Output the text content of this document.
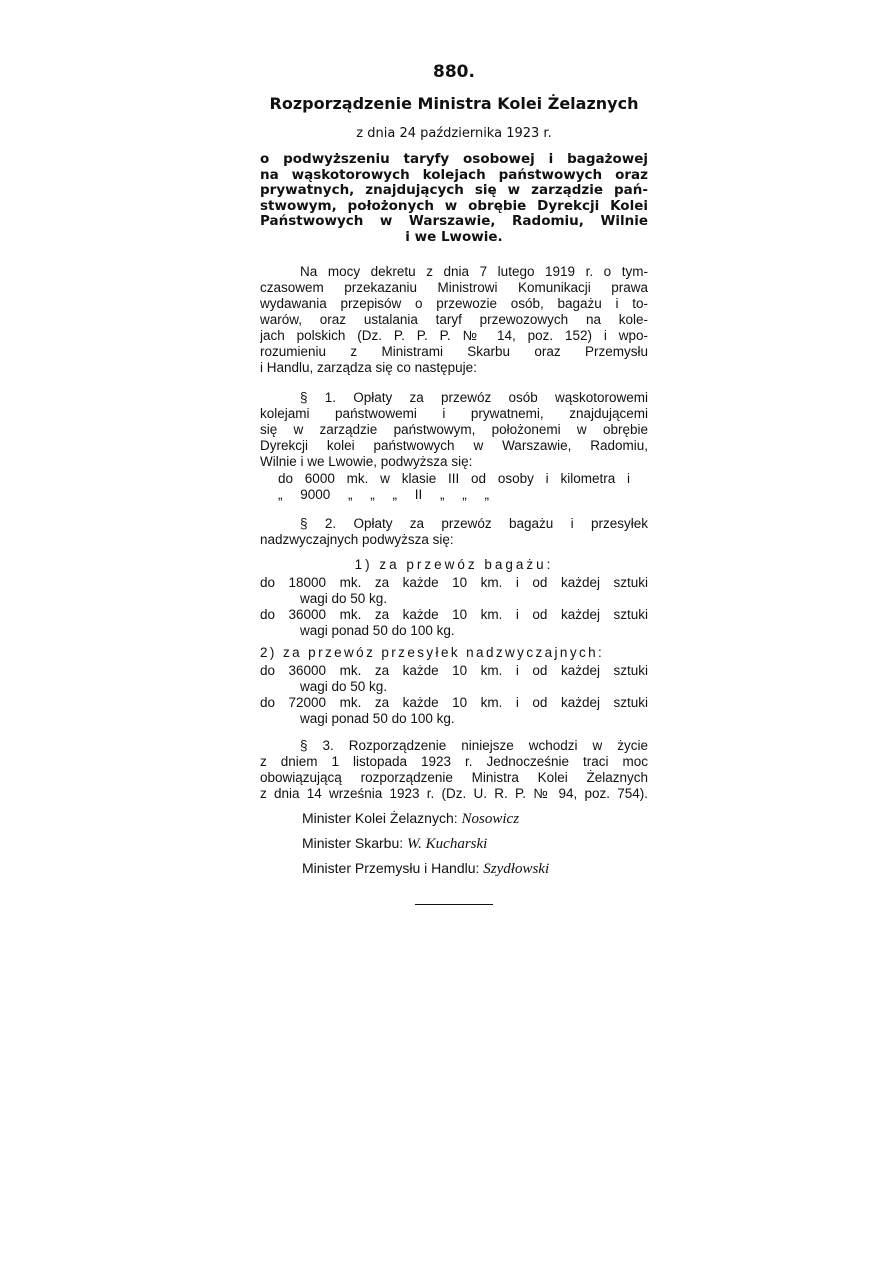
880.
Rozporządzenie Ministra Kolei Żelaznych
z dnia 24 października 1923 r.
o podwyższeniu taryfy osobowej i bagażowej
na wąskotorowych kolejach państwowych oraz
prywatnych, znajdujących się w zarządzie pań-
stwowym, położonych w obrębie Dyrekcji Kolei
Państwowych w Warszawie, Radomiu, Wilnie
i we Lwowie.
Na mocy dekretu z dnia 7 lutego 1919 r. o tym-
czasowem przekazaniu Ministrowi Komunikacji prawa
wydawania przepisów o przewozie osób, bagażu i to-
warów, oraz ustalania taryf przewozowych na kole-
jach polskich (Dz. P. P. P. № 14, poz. 152) i wpo-
rozumieniu z Ministrami Skarbu oraz Przemysłu
i Handlu, zarządza się co następuje:
§ 1. Opłaty za przewóz osób wąskotorowemi
kolejami państwowemi i prywatnemi, znajdującemi
się w zarządzie państwowym, położonemi w obrębie
Dyrekcji kolei państwowych w Warszawie, Radomiu,
Wilnie i we Lwowie, podwyższa się:
do 6000 mk. w klasie III od osoby i kilometra i
„ 9000 „ „ „ II „ „ „
§ 2. Opłaty za przewóz bagażu i przesyłek
nadzwyczajnych podwyższa się:
1) za przewóz bagażu:
do 18000 mk. za każde 10 km. i od każdej sztuki
wagi do 50 kg.
do 36000 mk. za każde 10 km. i od każdej sztuki
wagi ponad 50 do 100 kg.
2) za przewóz przesyłek nadzwyczajnych:
do 36000 mk. za każde 10 km. i od każdej sztuki
wagi do 50 kg.
do 72000 mk. za każde 10 km. i od każdej sztuki
wagi ponad 50 do 100 kg.
§ 3. Rozporządzenie niniejsze wchodzi w życie
z dniem 1 listopada 1923 r. Jednocześnie traci moc
obowiązującą rozporządzenie Ministra Kolei Żelaznych
z dnia 14 września 1923 r. (Dz. U. R. P. № 94, poz. 754).
Minister Kolei Żelaznych: Nosowicz
Minister Skarbu: W. Kucharski
Minister Przemysłu i Handlu: Szydłowski
